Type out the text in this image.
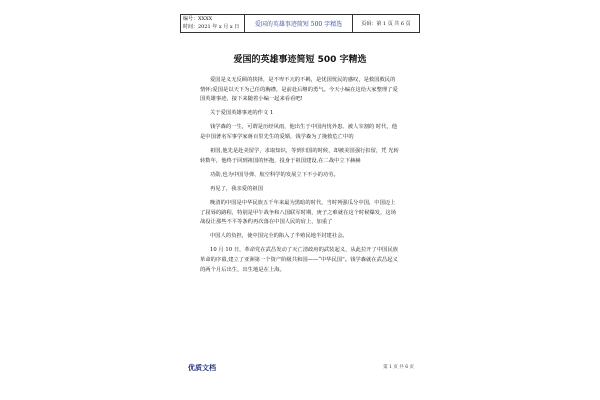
编号：XXXX
时间：2021 年 x 月 x 日	爱国的英雄事迹简短 500 字精选	页码：第 1 页 共 6 页
爱国的英雄事迹简短 500 字精选

爱国是义无反顾的抉择，是不卑不亢的不羁，是忧国忧民的感叹，是救国救民的情怀;爱国是以天下为己任的胸襟，是前赴后继的勇气。今天小编在这给大家整理了爱国英雄事迹，接下来随着小编一起来看看吧!

关于爱国英雄事迹的作文 1

钱学森的一生，可谓是历经风雨，他出生于中国内忧外患、被人宰割的 时代，他是中国著名军事学家蒋百里先生的爱婿，钱学森为了挽救危亡中的

祖国,他先是赴美留学，求取知识，等到归国的时候，却被美国强行扣留，凭 光转转数年，他终于回到祖国的怀抱，投身于祖国建设,在二战中立下赫赫

功勋,也为中国导弹、航空科学的发展立下不小的功劳。

再见了，我亲爱的祖国

晚清的中国是中华民族五千年来最为黑暗的时代，当时列强瓜分中国，中国迈上了屈辱的路程，特别是甲午战争和八国联军时期，庚子之难就在这个时候爆发，这场战役让那些不平等条约再次落在中国人民的肩上，加重了

中国人的负担，使中国完全的陷入了半殖民地半封建社会。

10 月 10 日，革命党在武昌发动了灭亡清政府的武装起义，从此拉开了中国民族革命的序幕,建立了亚洲第一个资产阶级共和国——“中华民国”。钱学森就在武昌起义的两个月后出生，出生地是在上海。

优质文档	第 1 页 共 6 页
